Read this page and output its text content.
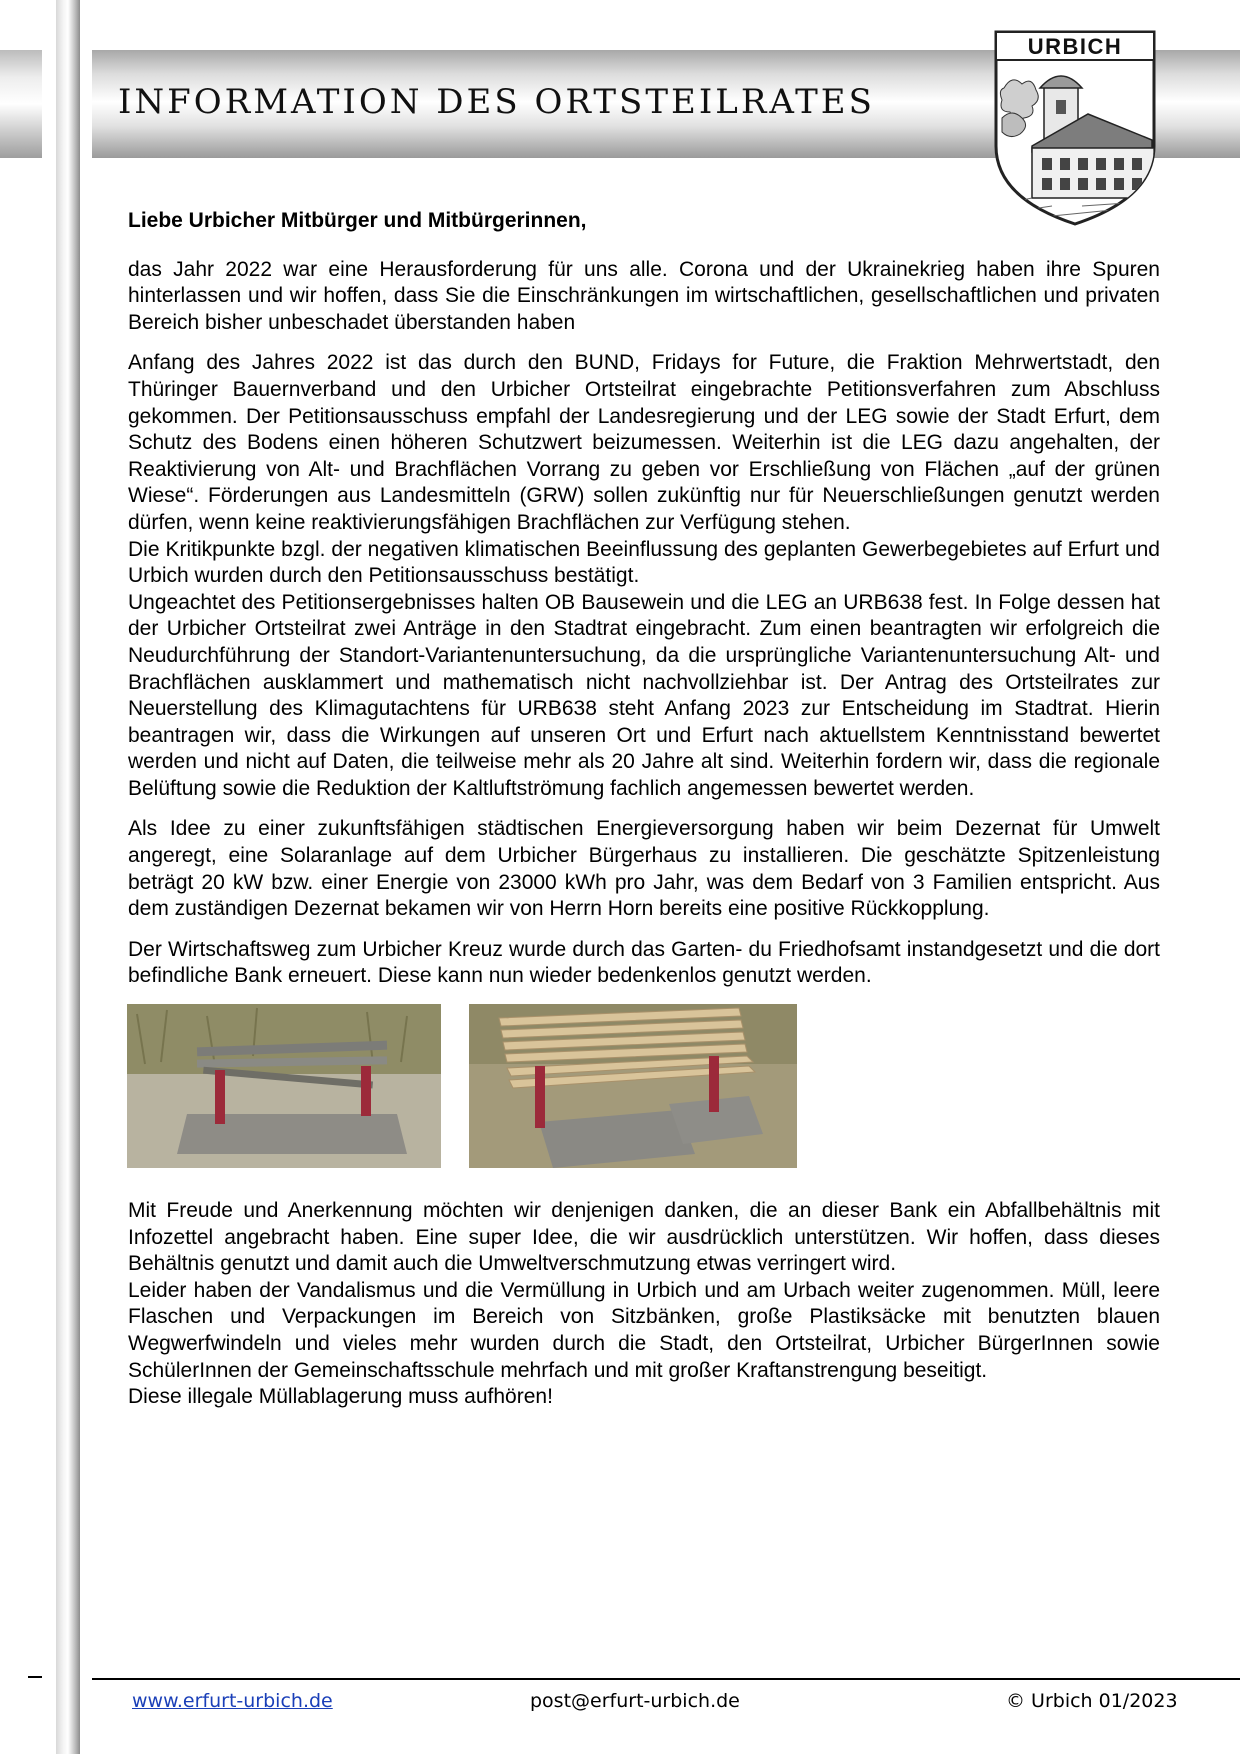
INFORMATION DES ORTSTEILRATES
URBICH

Liebe Urbicher Mitbürger und Mitbürgerinnen,

das Jahr 2022 war eine Herausforderung für uns alle. Corona und der Ukrainekrieg haben ihre Spuren hinterlassen und wir hoffen, dass Sie die Einschränkungen im wirtschaftlichen, gesellschaftlichen und privaten Bereich bisher unbeschadet überstanden haben

Anfang des Jahres 2022 ist das durch den BUND, Fridays for Future, die Fraktion Mehrwertstadt, den Thüringer Bauernverband und den Urbicher Ortsteilrat eingebrachte Petitionsverfahren zum Abschluss gekommen. Der Petitionsausschuss empfahl der Landesregierung und der LEG sowie der Stadt Erfurt, dem Schutz des Bodens einen höheren Schutzwert beizumessen. Weiterhin ist die LEG dazu angehalten, der Reaktivierung von Alt- und Brachflächen Vorrang zu geben vor Erschließung von Flächen „auf der grünen Wiese“. Förderungen aus Landesmitteln (GRW) sollen zukünftig nur für Neuerschließungen genutzt werden dürfen, wenn keine reaktivierungsfähigen Brachflächen zur Verfügung stehen.
Die Kritikpunkte bzgl. der negativen klimatischen Beeinflussung des geplanten Gewerbegebietes auf Erfurt und Urbich wurden durch den Petitionsausschuss bestätigt.
Ungeachtet des Petitionsergebnisses halten OB Bausewein und die LEG an URB638 fest. In Folge dessen hat der Urbicher Ortsteilrat zwei Anträge in den Stadtrat eingebracht. Zum einen beantragten wir erfolgreich die Neudurchführung der Standort-Variantenuntersuchung, da die ursprüngliche Variantenuntersuchung Alt- und Brachflächen ausklammert und mathematisch nicht nachvollziehbar ist. Der Antrag des Ortsteilrates zur Neuerstellung des Klimagutachtens für URB638 steht Anfang 2023 zur Entscheidung im Stadtrat. Hierin beantragen wir, dass die Wirkungen auf unseren Ort und Erfurt nach aktuellstem Kenntnisstand bewertet werden und nicht auf Daten, die teilweise mehr als 20 Jahre alt sind. Weiterhin fordern wir, dass die regionale Belüftung sowie die Reduktion der Kaltluftströmung fachlich angemessen bewertet werden.

Als Idee zu einer zukunftsfähigen städtischen Energieversorgung haben wir beim Dezernat für Umwelt angeregt, eine Solaranlage auf dem Urbicher Bürgerhaus zu installieren. Die geschätzte Spitzenleistung beträgt 20 kW bzw. einer Energie von 23000 kWh pro Jahr, was dem Bedarf von 3 Familien entspricht. Aus dem zuständigen Dezernat bekamen wir von Herrn Horn bereits eine positive Rückkopplung.

Der Wirtschaftsweg zum Urbicher Kreuz wurde durch das Garten- du Friedhofsamt instandgesetzt und die dort befindliche Bank erneuert. Diese kann nun wieder bedenkenlos genutzt werden.

Mit Freude und Anerkennung möchten wir denjenigen danken, die an dieser Bank ein Abfallbehältnis mit Infozettel angebracht haben. Eine super Idee, die wir ausdrücklich unterstützen. Wir hoffen, dass dieses Behältnis genutzt und damit auch die Umweltverschmutzung etwas verringert wird.
Leider haben der Vandalismus und die Vermüllung in Urbich und am Urbach weiter zugenommen. Müll, leere Flaschen und Verpackungen im Bereich von Sitzbänken, große Plastiksäcke mit benutzten blauen Wegwerfwindeln und vieles mehr wurden durch die Stadt, den Ortsteilrat, Urbicher BürgerInnen sowie SchülerInnen der Gemeinschaftsschule mehrfach und mit großer Kraftanstrengung beseitigt.
Diese illegale Müllablagerung muss aufhören!

www.erfurt-urbich.de	post@erfurt-urbich.de	© Urbich 01/2023
